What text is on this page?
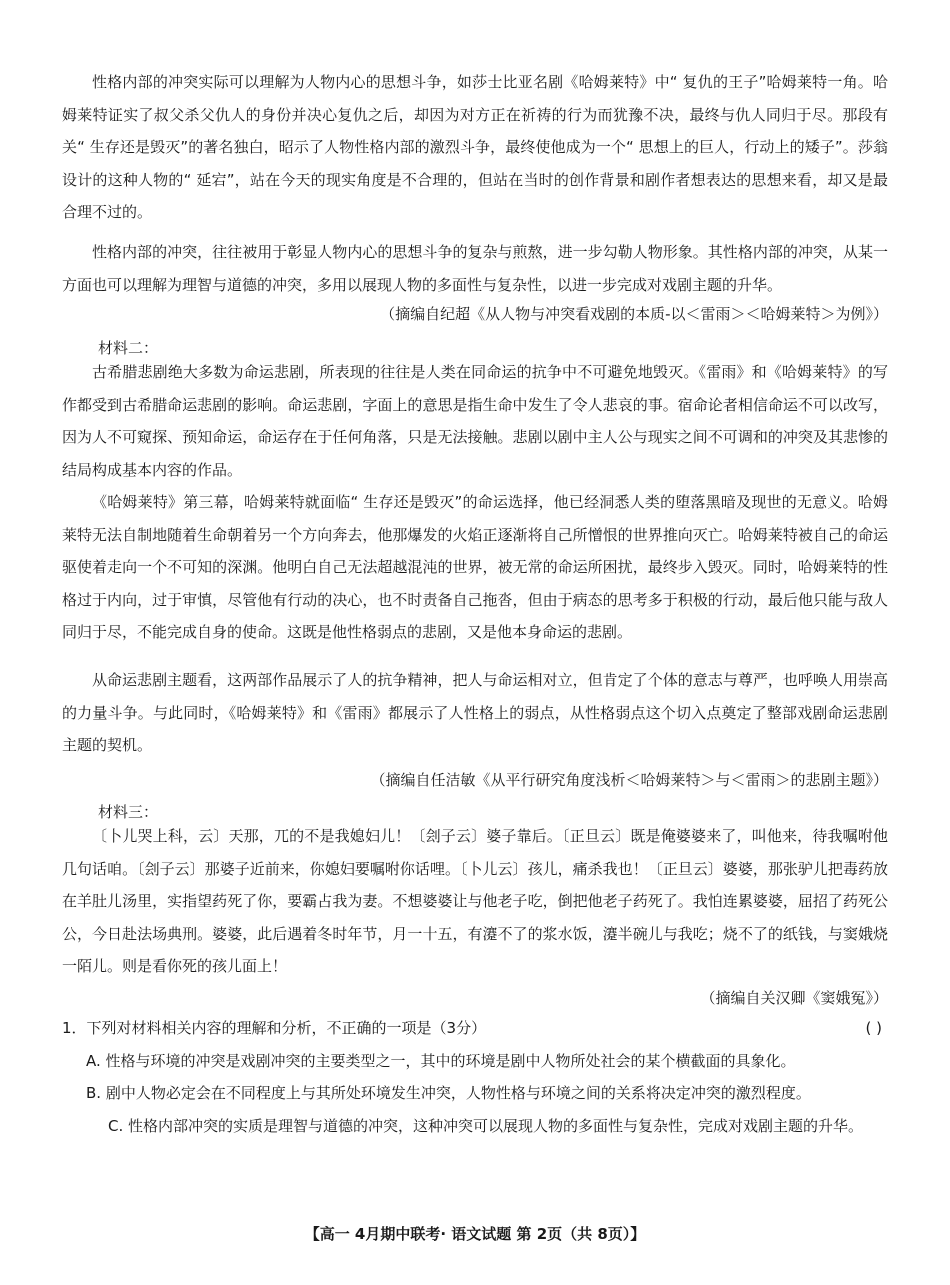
性格内部的冲突实际可以理解为人物内心的思想斗争，如莎士比亚名剧《哈姆莱特》中“ 复仇的王子”哈姆莱特一角。哈姆莱特证实了叔父杀父仇人的身份并决心复仇之后，却因为对方正在祈祷的行为而犹豫不决，最终与仇人同归于尽。那段有关“ 生存还是毁灭”的著名独白，昭示了人物性格内部的激烈斗争，最终使他成为一个“ 思想上的巨人，行动上的矮子”。莎翁设计的这种人物的“ 延宕”，站在今天的现实角度是不合理的，但站在当时的创作背景和剧作者想表达的思想来看，却又是最合理不过的。

性格内部的冲突，往往被用于彰显人物内心的思想斗争的复杂与煎熬，进一步勾勒人物形象。其性格内部的冲突，从某一方面也可以理解为理智与道德的冲突，多用以展现人物的多面性与复杂性，以进一步完成对戏剧主题的升华。

（摘编自纪超《从人物与冲突看戏剧的本质-以＜雷雨＞＜哈姆莱特＞为例》）

材料二：

古希腊悲剧绝大多数为命运悲剧，所表现的往往是人类在同命运的抗争中不可避免地毁灭。《雷雨》和《哈姆莱特》的写作都受到古希腊命运悲剧的影响。命运悲剧，字面上的意思是指生命中发生了令人悲哀的事。宿命论者相信命运不可以改写，因为人不可窥探、预知命运，命运存在于任何角落，只是无法接触。悲剧以剧中主人公与现实之间不可调和的冲突及其悲惨的结局构成基本内容的作品。

《哈姆莱特》第三幕，哈姆莱特就面临“ 生存还是毁灭”的命运选择，他已经洞悉人类的堕落黑暗及现世的无意义。哈姆莱特无法自制地随着生命朝着另一个方向奔去，他那爆发的火焰正逐渐将自己所憎恨的世界推向灭亡。哈姆莱特被自己的命运驱使着走向一个不可知的深渊。他明白自己无法超越混沌的世界，被无常的命运所困扰，最终步入毁灭。同时，哈姆莱特的性格过于内向，过于审慎，尽管他有行动的决心，也不时责备自己拖沓，但由于病态的思考多于积极的行动，最后他只能与敌人同归于尽，不能完成自身的使命。这既是他性格弱点的悲剧，又是他本身命运的悲剧。

从命运悲剧主题看，这两部作品展示了人的抗争精神，把人与命运相对立，但肯定了个体的意志与尊严，也呼唤人用崇高的力量斗争。与此同时，《哈姆莱特》和《雷雨》都展示了人性格上的弱点，从性格弱点这个切入点奠定了整部戏剧命运悲剧主题的契机。

（摘编自任洁敏《从平行研究角度浅析＜哈姆莱特＞与＜雷雨＞的悲剧主题》）

材料三：

〔卜儿哭上科，云〕天那，兀的不是我媳妇儿！〔刽子云〕婆子靠后。〔正旦云〕既是俺婆婆来了，叫他来，待我嘱咐他几句话咱。〔刽子云〕那婆子近前来，你媳妇要嘱咐你话哩。〔卜儿云〕孩儿，痛杀我也！〔正旦云〕婆婆，那张驴儿把毒药放在羊肚儿汤里，实指望药死了你，要霸占我为妻。不想婆婆让与他老子吃，倒把他老子药死了。我怕连累婆婆，屈招了药死公公，今日赴法场典刑。婆婆，此后遇着冬时年节，月一十五，有瀽不了的浆水饭，瀽半碗儿与我吃；烧不了的纸钱，与窦娥烧一陌儿。则是看你死的孩儿面上！

（摘编自关汉卿《窦娥冤》）

1．下列对材料相关内容的理解和分析，不正确的一项是（3分）	( )

A. 性格与环境的冲突是戏剧冲突的主要类型之一，其中的环境是剧中人物所处社会的某个横截面的具象化。

B. 剧中人物必定会在不同程度上与其所处环境发生冲突，人物性格与环境之间的关系将决定冲突的激烈程度。

C. 性格内部冲突的实质是理智与道德的冲突，这种冲突可以展现人物的多面性与复杂性，完成对戏剧主题的升华。

【高一 4月期中联考· 语文试题 第 2页（共 8页）】
